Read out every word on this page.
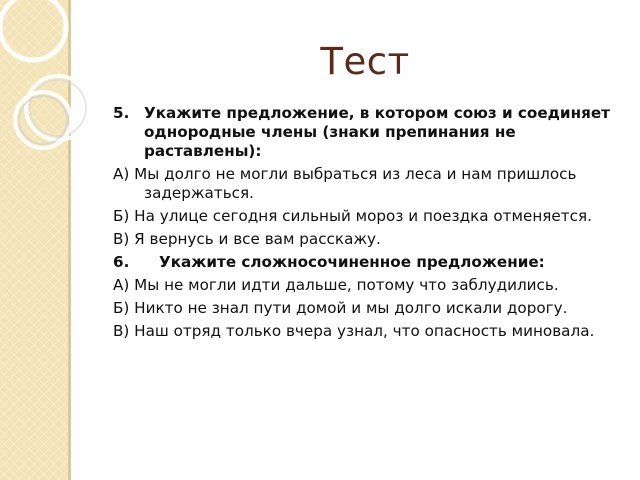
Тест

5. Укажите предложение, в котором союз и соединяет однородные члены (знаки препинания не раставлены):

А) Мы долго не могли выбраться из леса и нам пришлось задержаться.

Б) На улице сегодня сильный мороз и поездка отменяется.

В) Я вернусь и все вам расскажу.

6. Укажите сложносочиненное предложение:

А) Мы не могли идти дальше, потому что заблудились.

Б) Никто не знал пути домой и мы долго искали дорогу.

В) Наш отряд только вчера узнал, что опасность миновала.
